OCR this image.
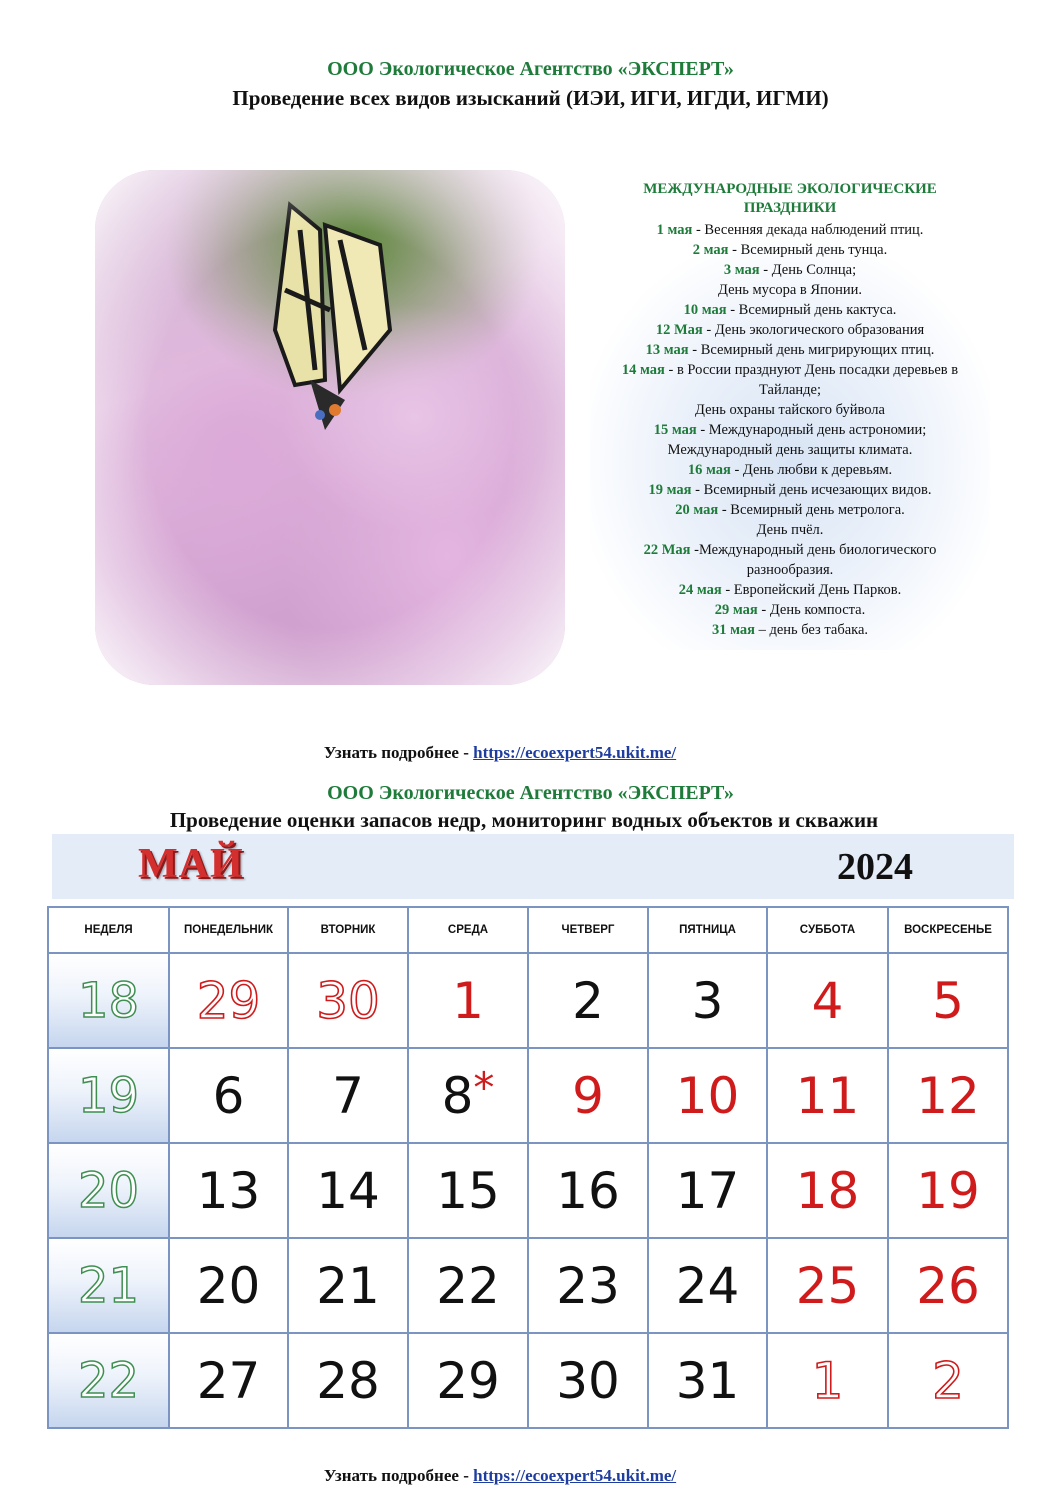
ООО Экологическое Агентство «ЭКСПЕРТ»
Проведение всех видов изысканий (ИЭИ, ИГИ, ИГДИ, ИГМИ)
МЕЖДУНАРОДНЫЕ ЭКОЛОГИЧЕСКИЕ
ПРАЗДНИКИ
1 мая - Весенняя декада наблюдений птиц.
2 мая - Всемирный день тунца.
3 мая - День Солнца;
День мусора в Японии.
10 мая - Всемирный день кактуса.
12 Мая - День экологического образования
13 мая - Всемирный день мигрирующих птиц.
14 мая - в России празднуют День посадки деревьев в
Тайланде;
День охраны тайского буйвола
15 мая - Международный день астрономии;
Международный день защиты климата.
16 мая - День любви к деревьям.
19 мая - Всемирный день исчезающих видов.
20 мая - Всемирный день метролога.
День пчёл.
22 Мая -Международный день биологического
разнообразия.
24 мая - Европейский День Парков.
29 мая - День компоста.
31 мая – день без табака.
Узнать подробнее - https://ecoexpert54.ukit.me/
ООО Экологическое Агентство «ЭКСПЕРТ»
Проведение оценки запасов недр, мониторинг водных объектов и скважин
МАЙ	2024
НЕДЕЛЯ	ПОНЕДЕЛЬНИК	ВТОРНИК	СРЕДА	ЧЕТВЕРГ	ПЯТНИЦА	СУББОТА	ВОСКРЕСЕНЬЕ
18	29	30	1	2	3	4	5
19	6	7	8*	9	10	11	12
20	13	14	15	16	17	18	19
21	20	21	22	23	24	25	26
22	27	28	29	30	31	1	2
Узнать подробнее - https://ecoexpert54.ukit.me/
